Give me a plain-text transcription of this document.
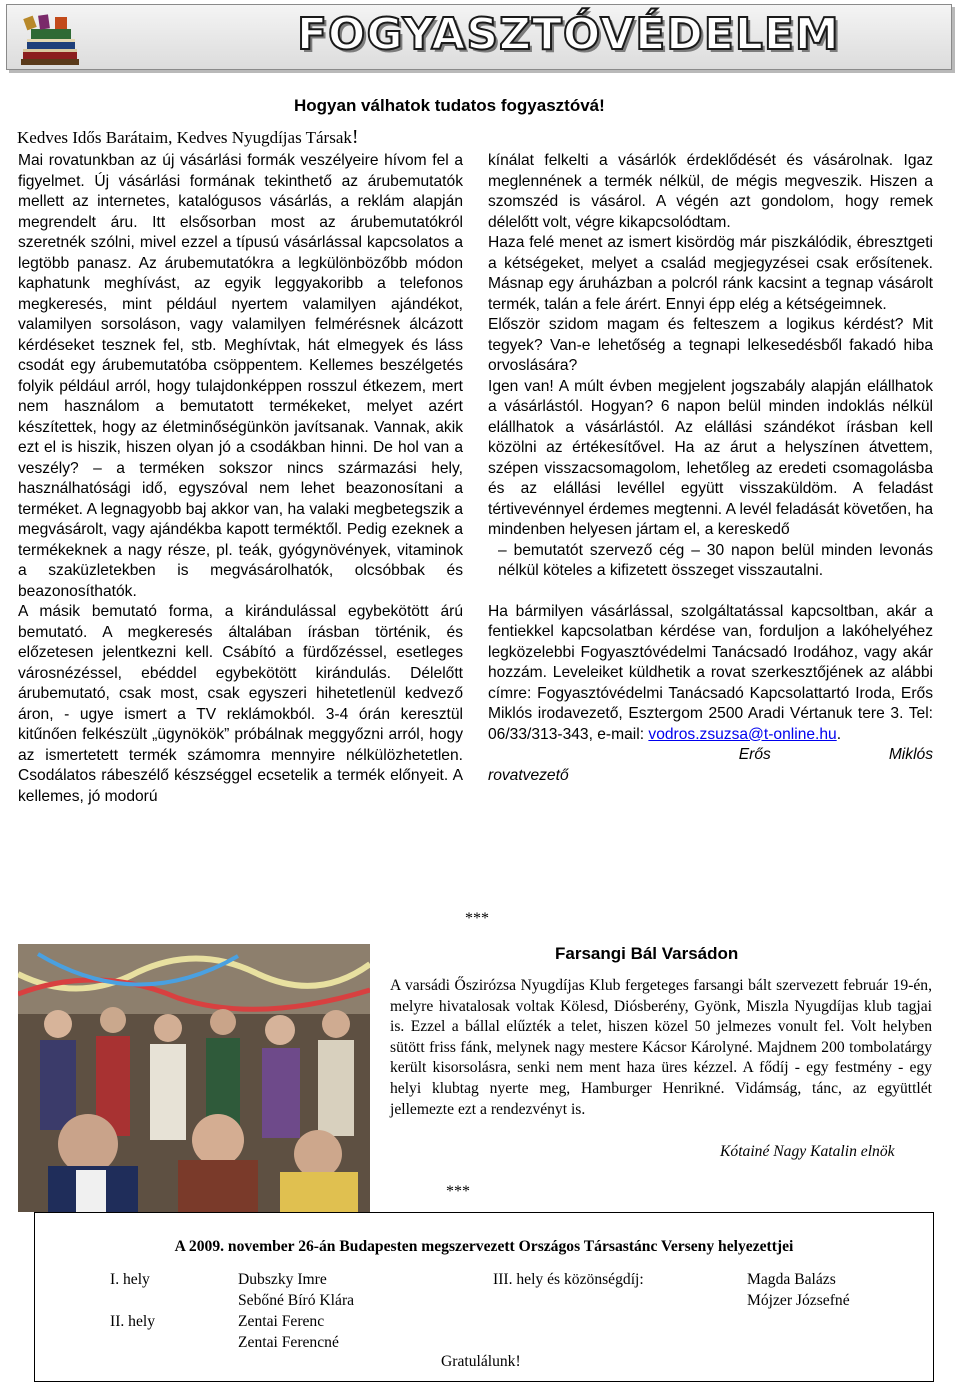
FOGYASZTÓVÉDELEM
Hogyan válhatok tudatos fogyasztóvá!
Kedves Idős Barátaim, Kedves Nyugdíjas Társak!

Mai rovatunkban az új vásárlási formák veszélyeire hívom fel a figyelmet. Új vásárlási formának tekinthető az árubemutatók mellett az internetes, katalógusos vásárlás, a reklám alapján megrendelt áru. Itt elsősorban most az árubemutatókról szeretnék szólni, mivel ezzel a típusú vásárlással kapcsolatos a legtöbb panasz. Az árubemutatókra a legkülönbözőbb módon kaphatunk meghívást, az egyik leggyakoribb a telefonos megkeresés, mint például nyertem valamilyen ajándékot, valamilyen sorsoláson, vagy valamilyen felmérésnek álcázott kérdéseket tesznek fel, stb. Meghívtak, hát elmegyek és láss csodát egy árubemutatóba csöppentem. Kellemes beszélgetés folyik például arról, hogy tulajdonképpen rosszul étkezem, mert nem használom a bemutatott termékeket, melyet azért készítettek, hogy az életminőségünkön javítsanak. Vannak, akik ezt el is hiszik, hiszen olyan jó a csodákban hinni. De hol van a veszély? – a terméken sokszor nincs származási hely, használhatósági idő, egyszóval nem lehet beazonosítani a terméket. A legnagyobb baj akkor van, ha valaki megbetegszik a megvásárolt, vagy ajándékba kapott terméktől. Pedig ezeknek a termékeknek a nagy része, pl. teák, gyógynövények, vitaminok a szaküzletekben is megvásárolhatók, olcsóbbak és beazonosíthatók.

A másik bemutató forma, a kirándulással egybekötött árú bemutató. A megkeresés általában írásban történik, és előzetesen jelentkezni kell. Csábító a fürdőzéssel, esetleges városnézéssel, ebéddel egybekötött kirándulás. Délelőtt árubemutató, csak most, csak egyszeri hihetetlenül kedvező áron, - ugye ismert a TV reklámokból. 3-4 órán keresztül kitűnően felkészült „ügynökök” próbálnak meggyőzni arról, hogy az ismertetett termék számomra mennyire nélkülözhetetlen. Csodálatos rábeszélő készséggel ecsetelik a termék előnyeit. A kellemes, jó modorú

kínálat felkelti a vásárlók érdeklődését és vásárolnak. Igaz meglennének a termék nélkül, de mégis megveszik. Hiszen a szomszéd is vásárol. A végén azt gondolom, hogy remek délelőtt volt, végre kikapcsolódtam.

Haza felé menet az ismert kisördög már piszkálódik, ébresztgeti a kétségeket, melyet a család megjegyzései csak erősítenek. Másnap egy áruházban a polcról ránk kacsint a tegnap vásárolt termék, talán a fele árért. Ennyi épp elég a kétségeimnek.

Először szidom magam és felteszem a logikus kérdést? Mit tegyek? Van-e lehetőség a tegnapi lelkesedésből fakadó hiba orvoslására?

Igen van! A múlt évben megjelent jogszabály alapján elállhatok a vásárlástól. Hogyan? 6 napon belül minden indoklás nélkül elállhatok a vásárlástól. Az elállási szándékot írásban kell közölni az értékesítővel. Ha az árut a helyszínen átvettem, szépen visszacsomagolom, lehetőleg az eredeti csomagolásba és az elállási levéllel együtt visszaküldöm. A feladást tértivevénnyel érdemes megtenni. A levél feladását követően, ha mindenben helyesen jártam el, a kereskedő

– bemutatót szervező cég – 30 napon belül minden levonás nélkül köteles a kifizetett összeget visszautalni.

Ha bármilyen vásárlással, szolgáltatással kapcsoltban, akár a fentiekkel kapcsolatban kérdése van, forduljon a lakóhelyéhez legközelebbi Fogyasztóvédelmi Tanácsadó Irodához, vagy akár hozzám. Leveleiket küldhetik a rovat szerkesztőjének az alábbi címre: Fogyasztóvédelmi Tanácsadó Kapcsolattartó Iroda, Erős Miklós irodavezető, Esztergom 2500 Aradi Vértanuk tere 3. Tel: 06/33/313-343, e-mail: vodros.zsuzsa@t-online.hu.

Erős	Miklós

rovatvezető

***
Farsangi Bál Varsádon
A varsádi Őszirózsa Nyugdíjas Klub fergeteges farsangi bált szervezett február 19-én, melyre hivatalosak voltak Kölesd, Diósberény, Gyönk, Miszla Nyugdíjas klub tagjai is. Ezzel a bállal elűzték a telet, hiszen közel 50 jelmezes vonult fel. Volt helyben sütött friss fánk, melynek nagy mestere Kácsor Károlyné. Majdnem 200 tombolatárgy került kisorsolásra, senki nem ment haza üres kézzel. A fődíj - egy festmény - egy helyi klubtag nyerte meg, Hamburger Henrikné. Vidámság, tánc, az együttlét jellemezte ezt a rendezvényt is.
Kótainé Nagy Katalin elnök
***
A 2009. november 26-án Budapesten megszervezett Országos Társastánc Verseny helyezettjei
I. hely	Dubszky Imre
Sebőné Bíró Klára
II. hely	Zentai Ferenc
Zentai Ferencné
III. hely és közönségdíj:	Magda Balázs
Mójzer Józsefné
Gratulálunk!
